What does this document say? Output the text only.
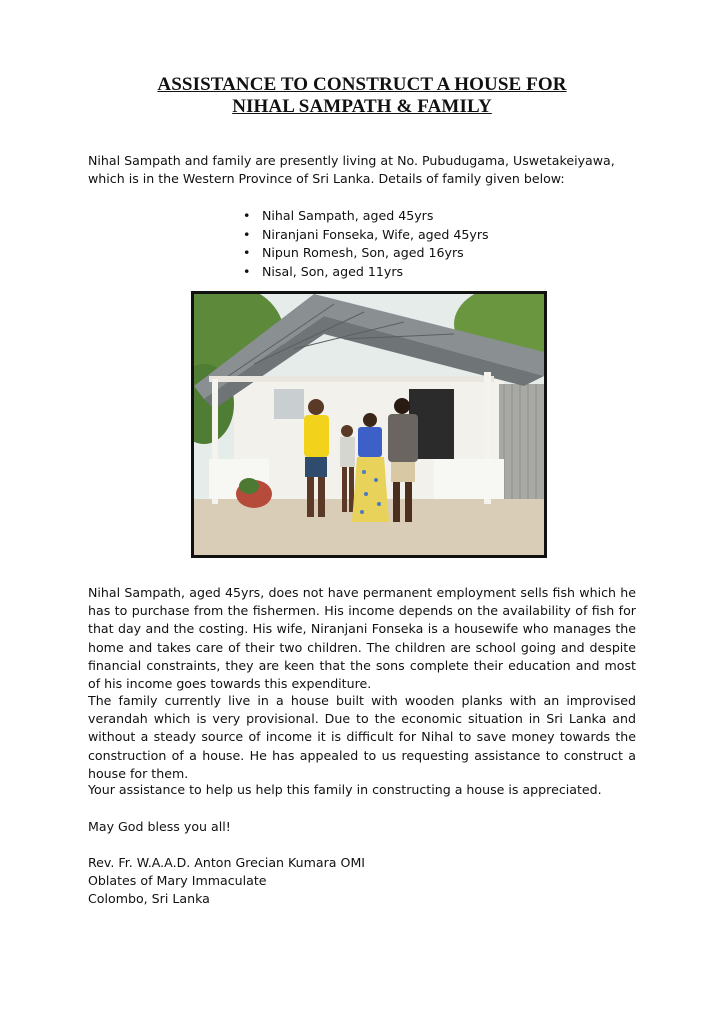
ASSISTANCE TO CONSTRUCT A HOUSE FOR
NIHAL SAMPATH & FAMILY

Nihal Sampath and family are presently living at No. Pubudugama, Uswetakeiyawa, which is in the Western Province of Sri Lanka. Details of family given below:

• Nihal Sampath, aged 45yrs
• Niranjani Fonseka, Wife, aged 45yrs
• Nipun Romesh, Son, aged 16yrs
• Nisal, Son, aged 11yrs

Nihal Sampath, aged 45yrs, does not have permanent employment sells fish which he has to purchase from the fishermen. His income depends on the availability of fish for that day and the costing. His wife, Niranjani Fonseka is a housewife who manages the home and takes care of their two children. The children are school going and despite financial constraints, they are keen that the sons complete their education and most of his income goes towards this expenditure.

The family currently live in a house built with wooden planks with an improvised verandah which is very provisional. Due to the economic situation in Sri Lanka and without a steady source of income it is difficult for Nihal to save money towards the construction of a house. He has appealed to us requesting assistance to construct a house for them.

Your assistance to help us help this family in constructing a house is appreciated.

May God bless you all!

Rev. Fr. W.A.A.D. Anton Grecian Kumara OMI
Oblates of Mary Immaculate
Colombo, Sri Lanka
